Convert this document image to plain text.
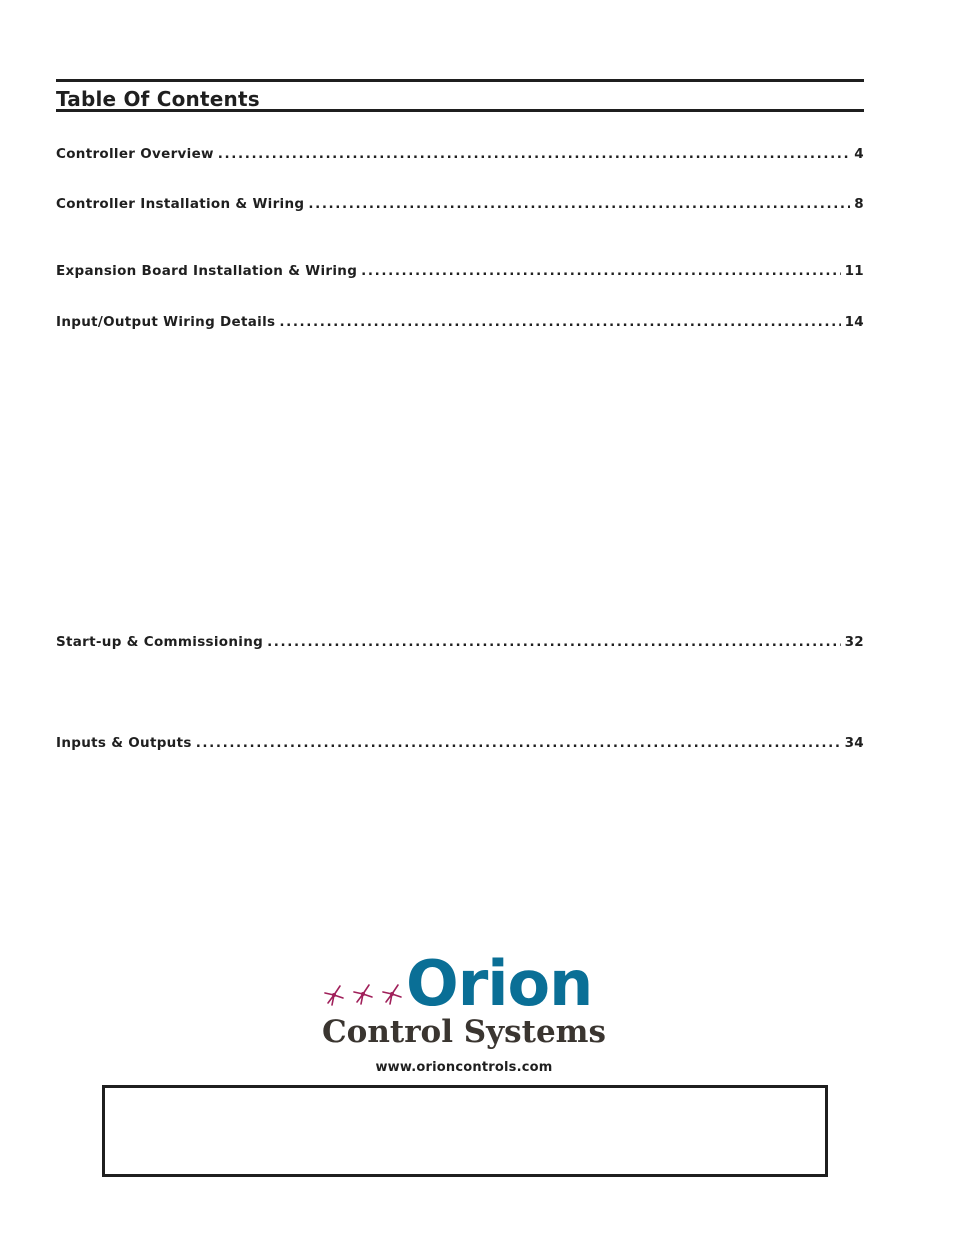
Table Of Contents
Controller Overview .....	4
Controller Installation & Wiring .....	8
Expansion Board Installation & Wiring .....	11
Input/Output Wiring Details .....	14
Start-up & Commissioning .....	32
Inputs & Outputs .....	34
Orion
Control Systems
www.orioncontrols.com
